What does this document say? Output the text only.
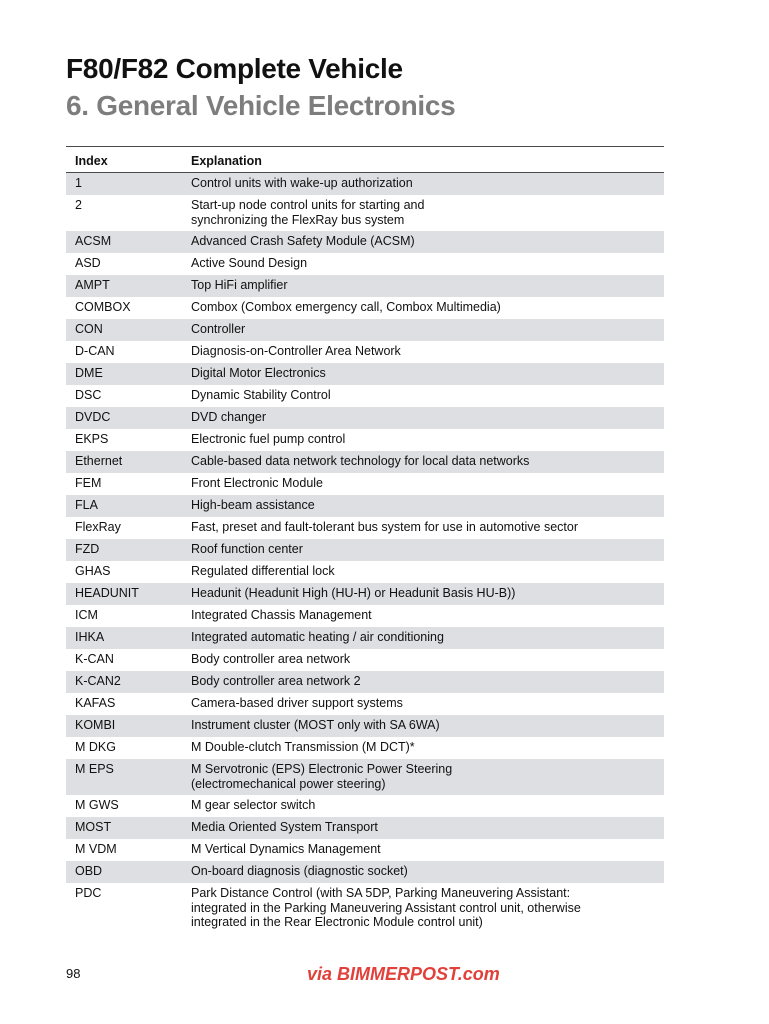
F80/F82 Complete Vehicle
6. General Vehicle Electronics
Index	Explanation
1	Control units with wake-up authorization
2	Start-up node control units for starting and
synchronizing the FlexRay bus system
ACSM	Advanced Crash Safety Module (ACSM)
ASD	Active Sound Design
AMPT	Top HiFi amplifier
COMBOX	Combox (Combox emergency call, Combox Multimedia)
CON	Controller
D-CAN	Diagnosis-on-Controller Area Network
DME	Digital Motor Electronics
DSC	Dynamic Stability Control
DVDC	DVD changer
EKPS	Electronic fuel pump control
Ethernet	Cable-based data network technology for local data networks
FEM	Front Electronic Module
FLA	High-beam assistance
FlexRay	Fast, preset and fault-tolerant bus system for use in automotive sector
FZD	Roof function center
GHAS	Regulated differential lock
HEADUNIT	Headunit (Headunit High (HU-H) or Headunit Basis HU-B))
ICM	Integrated Chassis Management
IHKA	Integrated automatic heating / air conditioning
K-CAN	Body controller area network
K-CAN2	Body controller area network 2
KAFAS	Camera-based driver support systems
KOMBI	Instrument cluster (MOST only with SA 6WA)
M DKG	M Double-clutch Transmission (M DCT)*
M EPS	M Servotronic (EPS) Electronic Power Steering
(electromechanical power steering)
M GWS	M gear selector switch
MOST	Media Oriented System Transport
M VDM	M Vertical Dynamics Management
OBD	On-board diagnosis (diagnostic socket)
PDC	Park Distance Control (with SA 5DP, Parking Maneuvering Assistant:
integrated in the Parking Maneuvering Assistant control unit, otherwise
integrated in the Rear Electronic Module control unit)
98	via BIMMERPOST.com
